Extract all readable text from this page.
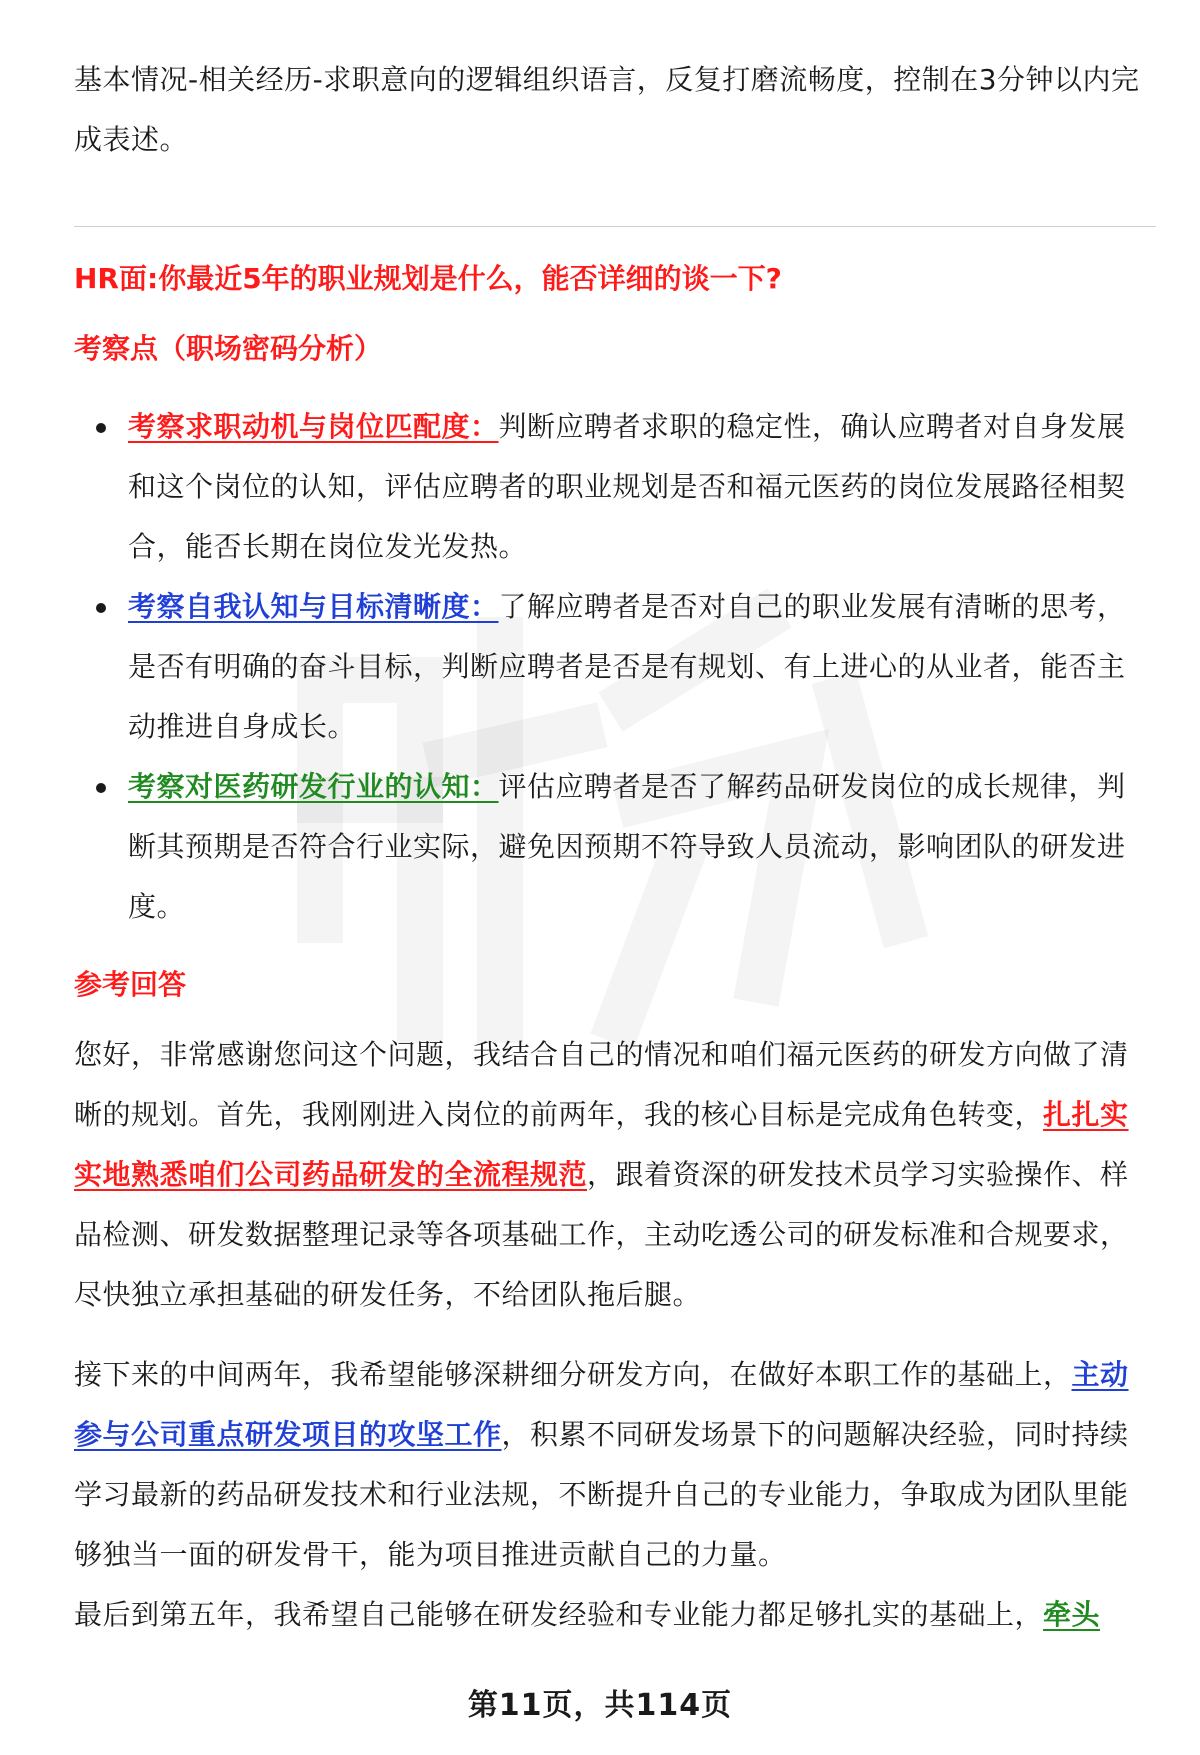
基本情况-相关经历-求职意向的逻辑组织语言，反复打磨流畅度，控制在3分钟以内完成表述。

HR面:你最近5年的职业规划是什么，能否详细的谈一下?

考察点（职场密码分析）

考察求职动机与岗位匹配度：判断应聘者求职的稳定性，确认应聘者对自身发展和这个岗位的认知，评估应聘者的职业规划是否和福元医药的岗位发展路径相契合，能否长期在岗位发光发热。
考察自我认知与目标清晰度：了解应聘者是否对自己的职业发展有清晰的思考，是否有明确的奋斗目标，判断应聘者是否是有规划、有上进心的从业者，能否主动推进自身成长。
考察对医药研发行业的认知：评估应聘者是否了解药品研发岗位的成长规律，判断其预期是否符合行业实际，避免因预期不符导致人员流动，影响团队的研发进度。

参考回答

您好，非常感谢您问这个问题，我结合自己的情况和咱们福元医药的研发方向做了清晰的规划。首先，我刚刚进入岗位的前两年，我的核心目标是完成角色转变，扎扎实实地熟悉咱们公司药品研发的全流程规范，跟着资深的研发技术员学习实验操作、样品检测、研发数据整理记录等各项基础工作，主动吃透公司的研发标准和合规要求，尽快独立承担基础的研发任务，不给团队拖后腿。

接下来的中间两年，我希望能够深耕细分研发方向，在做好本职工作的基础上，主动参与公司重点研发项目的攻坚工作，积累不同研发场景下的问题解决经验，同时持续学习最新的药品研发技术和行业法规，不断提升自己的专业能力，争取成为团队里能够独当一面的研发骨干，能为项目推进贡献自己的力量。

最后到第五年，我希望自己能够在研发经验和专业能力都足够扎实的基础上，牵头

第11页，共114页
